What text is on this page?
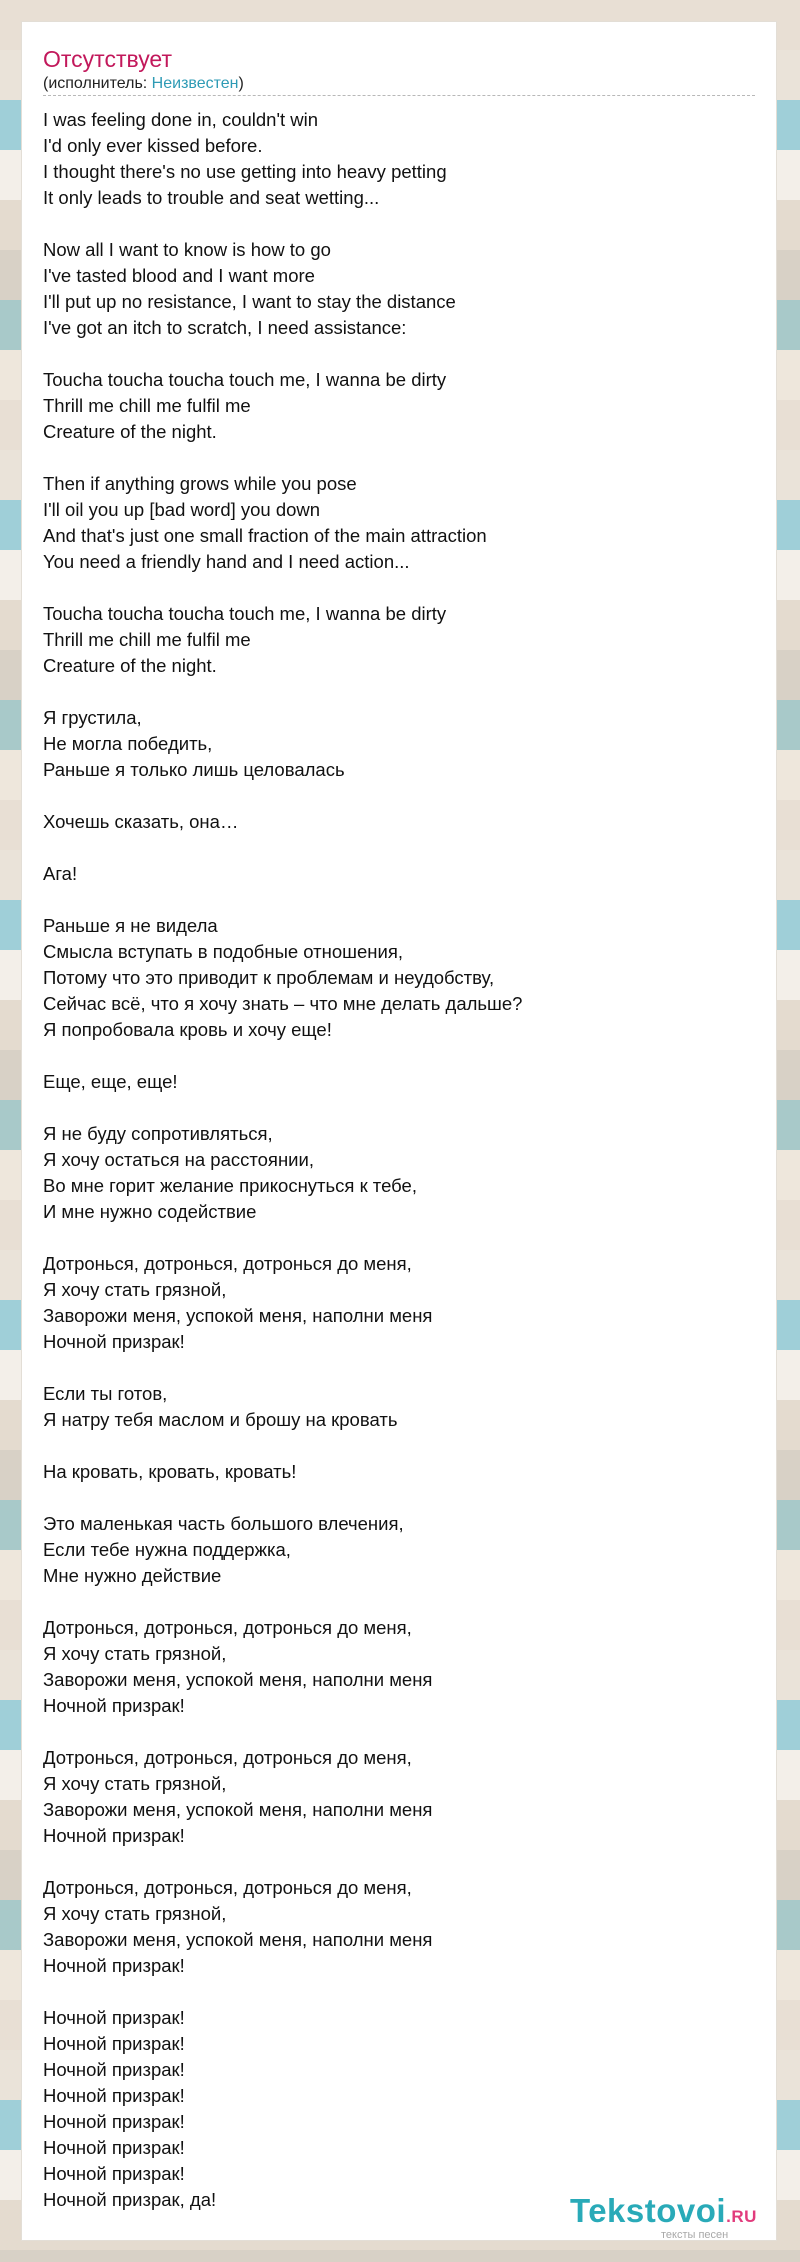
Отсутствует
(исполнитель: Неизвестен)
I was feeling done in, couldn't win
I'd only ever kissed before.
I thought there's no use getting into heavy petting
It only leads to trouble and seat wetting...
Now all I want to know is how to go
I've tasted blood and I want more
I'll put up no resistance, I want to stay the distance
I've got an itch to scratch, I need assistance:
Toucha toucha toucha touch me, I wanna be dirty
Thrill me chill me fulfil me
Creature of the night.
Then if anything grows while you pose
I'll oil you up [bad word] you down
And that's just one small fraction of the main attraction
You need a friendly hand and I need action...
Toucha toucha toucha touch me, I wanna be dirty
Thrill me chill me fulfil me
Creature of the night.
Я грустила,
Не могла победить,
Раньше я только лишь целовалась
Хочешь сказать, она…
Ага!
Раньше я не видела
Смысла вступать в подобные отношения,
Потому что это приводит к проблемам и неудобству,
Сейчас всё, что я хочу знать – что мне делать дальше?
Я попробовала кровь и хочу еще!
Еще, еще, еще!
Я не буду сопротивляться,
Я хочу остаться на расстоянии,
Во мне горит желание прикоснуться к тебе,
И мне нужно содействие
Дотронься, дотронься, дотронься до меня,
Я хочу стать грязной,
Заворожи меня, успокой меня, наполни меня
Ночной призрак!
Если ты готов,
Я натру тебя маслом и брошу на кровать
На кровать, кровать, кровать!
Это маленькая часть большого влечения,
Если тебе нужна поддержка,
Мне нужно действие
Дотронься, дотронься, дотронься до меня,
Я хочу стать грязной,
Заворожи меня, успокой меня, наполни меня
Ночной призрак!
Дотронься, дотронься, дотронься до меня,
Я хочу стать грязной,
Заворожи меня, успокой меня, наполни меня
Ночной призрак!
Дотронься, дотронься, дотронься до меня,
Я хочу стать грязной,
Заворожи меня, успокой меня, наполни меня
Ночной призрак!
Ночной призрак!
Ночной призрак!
Ночной призрак!
Ночной призрак!
Ночной призрак!
Ночной призрак!
Ночной призрак!
Ночной призрак, да!	Tekstovoi.RU
тексты песен
